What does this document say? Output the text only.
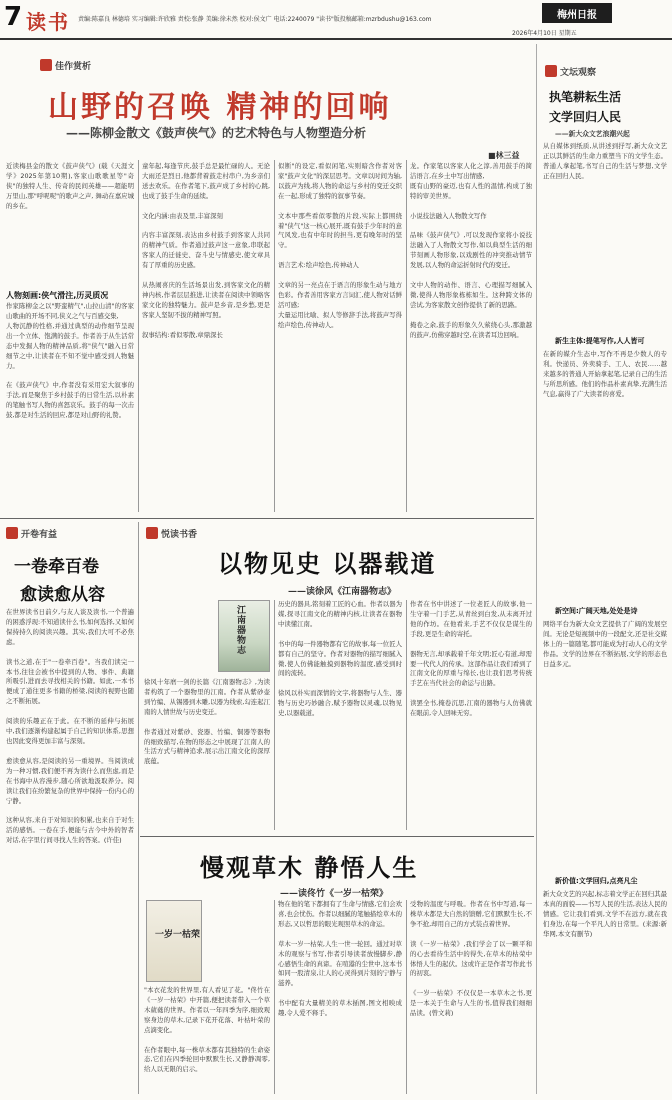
7 读书 责编:陈嘉良 林德培 实习编辑:许欣雅 责校:张静 美编:徐未然 校对:侯文广 电话:2240079 "读书"版投稿邮箱:mzrbdushu@163.com	梅州日报
2026年4月10日 星期五
佳作赏析
山野的召唤 精神的回响
——陈柳金散文《鼓声侠气》的艺术特色与人物塑造分析
■林三益
近读梅县金的散文《鼓声侠气》(载《天涯文学》2025年第10期),客家山歌歌星等"奇侠"的独特人生、传奇的民间英雄——超能明万里山,那"呼呢呢"的歌声之声, 舞动在嘉应城的乡在。
人物刻画:侠气滑注,历灵质况
作家陈柳金之以"野蛮精气",山拉山清"的客家山歌曲的开场不同,侠义之气与百感交集,
人物沉静的性格,并通过典型的动作细节呈现出一个立体、饱满的鼓手。作者善于从生活常态中发掘人物的精神品质,将"侠气"融入日常细节之中,让读者在不知不觉中感受到人物魅力。

在《鼓声侠气》中,作者没有采用宏大叙事的手法,而是聚焦于乡村鼓手的日常生活,以朴素的笔触书写人物的喜怒哀乐。鼓手的每一次击鼓,都是对生活的回应,都是对山野的礼赞。
童年起,每逢节庆,鼓手总是最忙碌的人。无论大雨还是烈日,他都背着鼓走村串户,为乡亲们送去欢乐。在作者笔下,鼓声成了乡村的心跳,也成了鼓手生命的延续。

文化内涵:由表及里,丰富深刻

内容丰富深刻,表达由乡村鼓手到客家人共同的精神气质。作者通过鼓声这一意象,串联起客家人的迁徙史、奋斗史与情感史,使文章具有了厚重的历史感。

从热闹喜庆的生活场景出发,到客家文化的精神内核,作者层层推进,让读者在阅读中领略客家文化的独特魅力。鼓声是乡音,是乡愁,更是客家人坚韧不拔的精神写照。

叙事结构:看似零散,章鼎深长
似断"的设定,看似闲笔,实则暗含作者对客家"鼓声文化"的深层思考。文章以时间为轴,以鼓声为线,将人物的命运与乡村的变迁交织在一起,形成了独特的叙事节奏。

文本中那些看似零散的片段,实际上都围绕着"侠气"这一核心展开,既有鼓手少年时的意气风发,也有中年时的担当,更有晚年时的坚守。

语言艺术:绘声绘色,传神动人

文章的另一亮点在于语言的形象生动与地方色彩。作者善用客家方言词汇,使人物对话鲜活可感;
大量运用比喻、拟人等修辞手法,将鼓声写得绘声绘色,传神动人。
龙。作家笔以客家人化之淳,善用鼓手的简洁语言,在乡土中写出情感,
既有山野的豪迈,也有人性的温情,构成了独特的审美世界。

小说技法融入人物散文写作

品味《鼓声侠气》,可以发现作家将小说技法融入了人物散文写作,如以典型生活的细节刻画人物形象,以戏剧性的冲突推动情节发展,以人物的命运折射时代的变迁。

文中人物的动作、语言、心理描写细腻入微,使得人物形象栋栋如生。这种跨文体的尝试,为客家散文创作提供了新的思路。

掩卷之余,鼓手的形象久久萦绕心头,那激越的鼓声,仿佛穿越时空,在读者耳边回响。
开卷有益
一卷牵百卷
愈读愈从容
在世界读书日前夕,与友人谈及读书,一个普遍的困惑浮现:不知道读什么书,如何选择,又如何保持持久的阅读兴趣。其实,我们大可不必焦虑。

读书之道,在于"一卷牵百卷"。当我们读完一本书,往往会被书中提到的人物、事件、典籍所吸引,进而去寻找相关的书籍。如此,一本书便成了通往更多书籍的桥梁,阅读的视野也随之不断拓展。

阅读的乐趣正在于此。在不断的延伸与拓展中,我们逐渐构建起属于自己的知识体系,思想也因此变得更加丰富与深刻。

愈读愈从容,是阅读的另一重境界。当阅读成为一种习惯,我们便不再为读什么而焦虑,而是在书海中从容漫步,随心所欲地汲取养分。阅读让我们在纷繁复杂的世界中保持一份内心的宁静。

这种从容,来自于对知识的积累,也来自于对生活的感悟。一卷在手,便能与古今中外的智者对话,在字里行间寻找人生的答案。(许佳)
悦读书香
以物见史 以器载道
——读徐风《江南器物志》
江南器物志
徐风十年磨一剑的长篇《江南器物志》,为读者构筑了一个器物里的江南。作者从紫砂壶到竹编、从锡器到木雕,以器为线索,勾连起江南的人情世故与历史变迁。

作者通过对紫砂、瓷器、竹编、铜器等器物的细致描写,在物的形态之中展现了江南人的生活方式与精神追求,展示出江南文化的深厚底蕴。
历史的器具,铭刻着工匠的心血。作者以器为媒,探寻江南文化的精神内核,让读者在器物中读懂江南。

书中的每一件器物都有它的故事,每一位匠人都有自己的坚守。作者对器物的描写细腻入微,使人仿佛能触摸到器物的温度,感受到时间的流转。

徐风以朴实而深情的文字,将器物与人生、器物与历史巧妙融合,赋予器物以灵魂,以物见史,以器载道。
作者在书中讲述了一位老匠人的故事,他一生守着一门手艺,从青丝到白发,从未离开过他的作坊。在他看来,手艺不仅仅是谋生的手段,更是生命的寄托。

器物无言,却承载着千年文明;匠心有道,却需要一代代人的传承。这部作品让我们看到了江南文化的厚重与绵长,也让我们思考传统手艺在当代社会的命运与出路。

读罢全书,掩卷沉思,江南的器物与人仿佛就在眼前,令人回味无穷。
慢观草木 静悟人生
——读佟竹《一岁一枯荣》
一岁一枯荣
"本衣花发的世界里,有人看见了花。"佟竹在《一岁一枯荣》中开篇,便把读者带入一个草木葳蕤的世界。作者以一年四季为序,细致观察身边的草木,记录下花开花落、叶枯叶荣的点滴变化。

在作者眼中,每一株草木都有其独特的生命姿态,它们在四季轮回中默默生长,又静静凋零,给人以无限的启示。
物在他的笔下都拥有了生命与情感,它们会欢喜,也会忧伤。作者以细腻的笔触描绘草木的形态,又以哲思的眼光观照草木的命运。

草木一岁一枯荣,人生一世一轮回。通过对草木的观察与书写,作者引导读者放慢脚步,静心感悟生命的真谛。在喧嚣的尘世中,这本书如同一股清泉,让人的心灵得到片刻的宁静与滋养。

书中配有大量精美的草木插图,图文相映成趣,令人爱不释手。
受物的温度与呼吸。作者在书中写道,每一株草木都是大自然的馈赠,它们默默生长,不争不抢,却用自己的方式装点着世界。

读《一岁一枯荣》,我们学会了以一颗平和的心去看待生活中的得失,在草木的枯荣中体悟人生的起伏。这或许正是作者写作此书的初衷。

《一岁一枯荣》不仅仅是一本草木之书,更是一本关于生命与人生的书,值得我们细细品读。(曾文莉)
文坛观察
执笔耕耘生活
文学回归人民
——新大众文艺浪潮兴起
从自媒体到纸质,从讲述到抒写,新大众文艺正以其鲜活的生命力重塑当下的文学生态。普通人拿起笔,书写自己的生活与梦想,文学正在回归人民。
新生主体:提笔写作,人人皆可
在新的媒介生态中,写作不再是少数人的专利。快递员、外卖骑手、工人、农民……越来越多的普通人开始拿起笔,记录自己的生活与所思所感。他们的作品朴素真挚,充满生活气息,赢得了广大读者的喜爱。
新空间:广阔天地,处处是诗
网络平台为新大众文艺提供了广阔的发展空间。无论是短视频中的一段配文,还是社交媒体上的一篇随笔,都可能成为打动人心的文学作品。文学的边界在不断拓展,文学的形态也日益多元。
新价值:文学回归,点亮凡尘
新大众文艺的兴起,标志着文学正在回归其最本真的面貌——书写人民的生活,表达人民的情感。它让我们看到,文学不在远方,就在我们身边,在每一个平凡人的日常里。(来源:新华网,本文有删节)
